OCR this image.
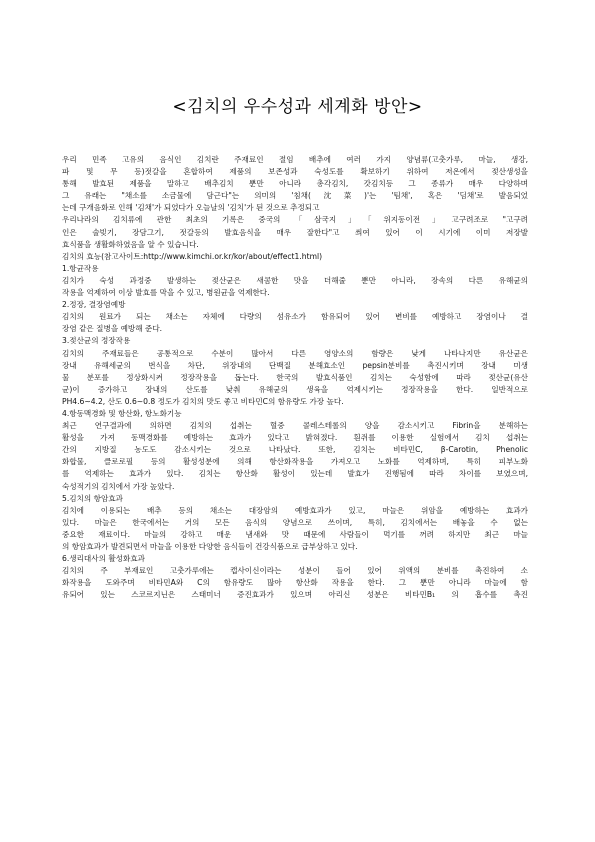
<김치의 우수성과 세계화 방안>
우리 민족 고유의 음식인 김치란 주재료인 절임 배추에 여러 가지 양념류(고춧가루, 마늘, 생강,
파 및 무 등)젓갈을 혼합하여 제품의 보존성과 숙성도를 확보하기 위하여 저온에서 젖산생성을
통해 발효된 제품을 말하고 배추김치 뿐만 아니라 총각김치, 갓김치등 그 종류가 매우 다양하며
그 유래는 "채소를 소금물에 담근다"는 의미의 '침채(沈菜)'는 '팀채', 혹은 '딤채'로 발음되었
는데 구개음화로 인해 '김채'가 되었다가 오늘날의 '김치'가 된 것으로 추정되고
우리나라의 김치류에 관한 최초의 기록은 중국의 「삼국지」「위지동이전」고구려조로 "고구려
인은 술빚기, 장담그기, 젓갈등의 발효음식을 매우 잘한다"고 씌여 있어 이 시기에 이미 저장발
효식품을 생활화하였음을 알 수 있습니다.
김치의 효능(참고사이트:http://www.kimchi.or.kr/kor/about/effect1.html)
1.항균작용
김치가 숙성 과정중 발생하는 젖산균은 새콤한 맛을 더해줄 뿐만 아니라, 장속의 다른 유해균의
작용을 억제하여 이상 발효를 막을 수 있고, 병원균을 억제한다.
2.정장, 결장염예방
김치의 원료가 되는 채소는 자체에 다량의 섬유소가 함유되어 있어 변비를 예방하고 장염이나 결
장염 같은 질병을 예방해 준다.
3.젖산균의 정장작용
김치의 주재료들은 공통적으로 수분이 많아서 다른 영양소의 함량은 낮게 나타나지만 유산균은
장내 유해세균의 번식을 차단, 위장내의 단백질 분해효소인 pepsin분비를 촉진시키며 장내 미생
물 분포를 정상화시켜 정장작용을 돕는다. 한국의 발효식품인 김치는 숙성함에 따라 젖산균(유산
균)이 증가하고 장내의 산도를 낮춰 유해균의 생육을 억제시키는 정장작용을 한다. 일반적으로
PH4.6~4.2, 산도 0.6~0.8 정도가 김치의 맛도 좋고 비타민C의 함유량도 가장 높다.
4.항동맥경화 및 항산화, 항노화기능
최근 연구결과에 의하면 김치의 섭취는 혈중 콜레스테롤의 양을 감소시키고 Fibrin을 분해하는
활성을 가져 동맥경화를 예방하는 효과가 있다고 밝혀졌다. 흰쥐를 이용한 실험에서 김치 섭취는
간의 지방질 농도도 감소시키는 것으로 나타났다. 또한, 김치는 비타민C, β-Carotin, Phenolic
화합물, 클로로필 등의 활성성분에 의해 항산화작용을 가져오고 노화를 억제하며, 특히 피부노화
를 억제하는 효과가 있다. 김치는 항산화 활성이 있는데 발효가 진행됨에 따라 차이를 보였으며,
숙성적기의 김치에서 가장 높았다.
5.김치의 항암효과
김치에 이용되는 배추 등의 채소는 대장암의 예방효과가 있고, 마늘은 위암을 예방하는 효과가
있다. 마늘은 한국에서는 거의 모든 음식의 양념으로 쓰이며, 특히, 김치에서는 배놓을 수 없는
중요한 재료이다. 마늘의 강하고 매운 냄새와 맛 때문에 사람들이 먹기를 꺼려 하지만 최근 마늘
의 항암효과가 발견되면서 마늘을 이용한 다양한 음식들이 건강식품으로 급부상하고 있다.
6.생리대사의 활성화효과
김치의 주 부재료인 고춧가루에는 캡사이신이라는 성분이 들어 있어 위액의 분비를 촉진하여 소
화작용을 도와주며 비타민A와 C의 함유량도 많아 항산화 작용을 한다. 그 뿐만 아니라 마늘에 함
유되어 있는 스코르지닌은 스태미너 증진효과가 있으며 아리신 성분은 비타민B₁ 의 흡수를 촉진
